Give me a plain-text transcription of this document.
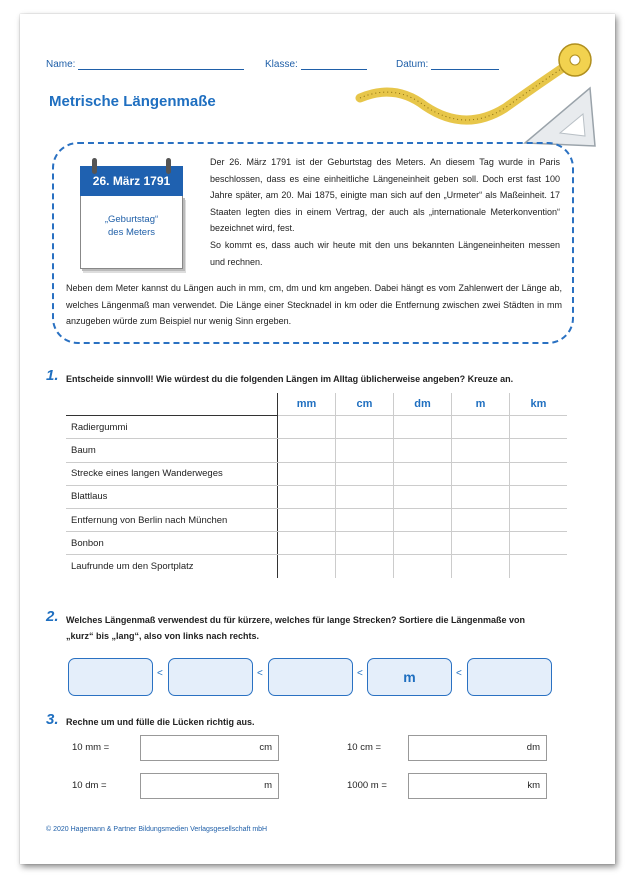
Name:	Klasse:	Datum:
Metrische Längenmaße
26. März 1791
„Geburtstag“
des Meters
Der 26. März 1791 ist der Geburtstag des Meters. An diesem Tag wurde in Paris beschlossen, dass es eine einheitliche Längeneinheit geben soll. Doch erst fast 100 Jahre später, am 20. Mai 1875, einigte man sich auf den „Urmeter“ als Maßeinheit. 17 Staaten legten dies in einem Vertrag, der auch als „internationale Meterkonvention“ bezeichnet wird, fest.
So kommt es, dass auch wir heute mit den uns bekannten Längeneinheiten messen und rechnen.
Neben dem Meter kannst du Längen auch in mm, cm, dm und km angeben. Dabei hängt es vom Zahlenwert der Länge ab, welches Längenmaß man verwendet. Die Länge einer Stecknadel in km oder die Entfernung zwischen zwei Städten in mm anzugeben würde zum Beispiel nur wenig Sinn ergeben.
1. Entscheide sinnvoll! Wie würdest du die folgenden Längen im Alltag üblicherweise angeben? Kreuze an.
	mm	cm	dm	m	km
Radiergummi					
Baum					
Strecke eines langen Wanderweges					
Blattlaus					
Entfernung von Berlin nach München					
Bonbon					
Laufrunde um den Sportplatz					
2. Welches Längenmaß verwendest du für kürzere, welches für lange Strecken? Sortiere die Längenmaße von
„kurz“ bis „lang“, also von links nach rechts.
<	<	<	m	<
3. Rechne um und fülle die Lücken richtig aus.
10 mm =	cm	10 cm =	dm
10 dm =	m	1000 m =	km
© 2020 Hagemann & Partner Bildungsmedien Verlagsgesellschaft mbH
